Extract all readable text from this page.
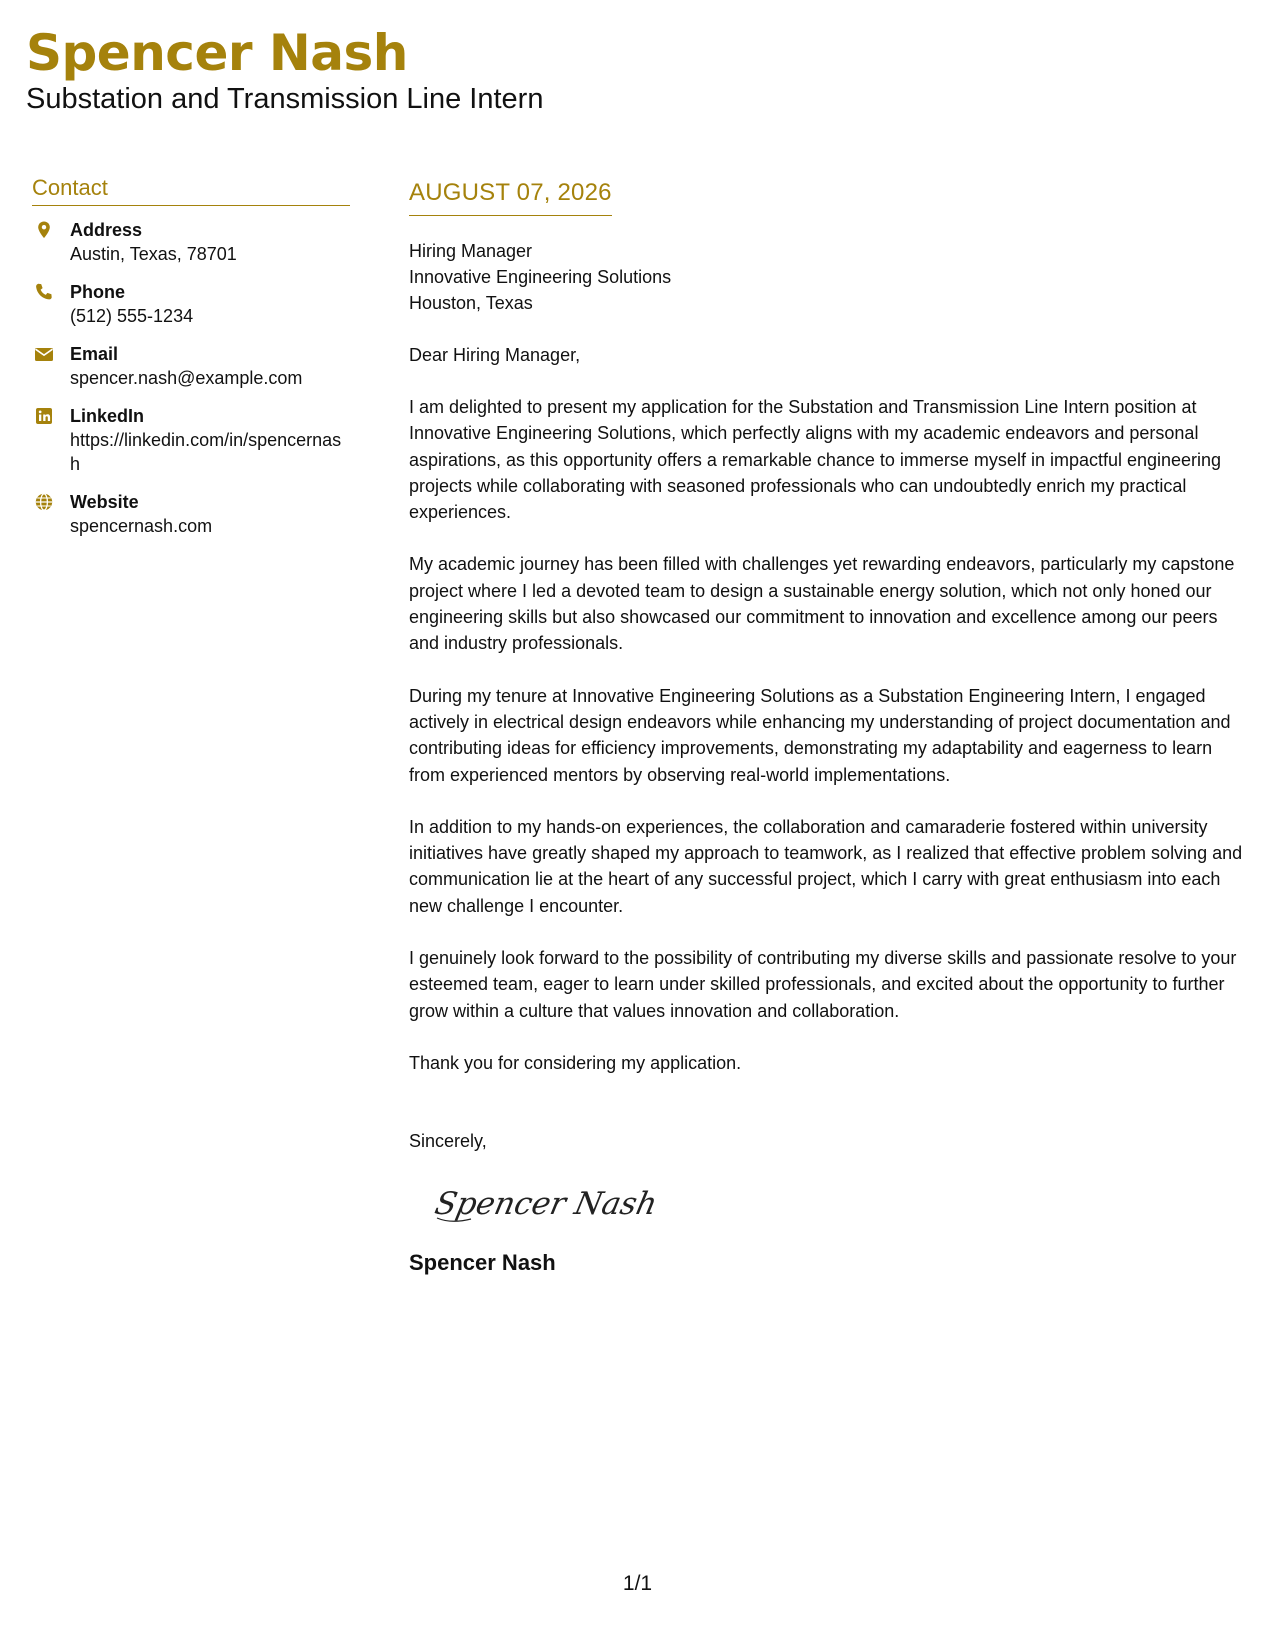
Spencer Nash
Substation and Transmission Line Intern
Contact
Address
Austin, Texas, 78701
Phone
(512) 555-1234
Email
spencer.nash@example.com
LinkedIn
https://linkedin.com/in/spencernash
Website
spencernash.com
AUGUST 07, 2026
Hiring Manager
Innovative Engineering Solutions
Houston, Texas
Dear Hiring Manager,
I am delighted to present my application for the Substation and Transmission Line Intern position at Innovative Engineering Solutions, which perfectly aligns with my academic endeavors and personal aspirations, as this opportunity offers a remarkable chance to immerse myself in impactful engineering projects while collaborating with seasoned professionals who can undoubtedly enrich my practical experiences.
My academic journey has been filled with challenges yet rewarding endeavors, particularly my capstone project where I led a devoted team to design a sustainable energy solution, which not only honed our engineering skills but also showcased our commitment to innovation and excellence among our peers and industry professionals.
During my tenure at Innovative Engineering Solutions as a Substation Engineering Intern, I engaged actively in electrical design endeavors while enhancing my understanding of project documentation and contributing ideas for efficiency improvements, demonstrating my adaptability and eagerness to learn from experienced mentors by observing real-world implementations.
In addition to my hands-on experiences, the collaboration and camaraderie fostered within university initiatives have greatly shaped my approach to teamwork, as I realized that effective problem solving and communication lie at the heart of any successful project, which I carry with great enthusiasm into each new challenge I encounter.
I genuinely look forward to the possibility of contributing my diverse skills and passionate resolve to your esteemed team, eager to learn under skilled professionals, and excited about the opportunity to further grow within a culture that values innovation and collaboration.
Thank you for considering my application.
Sincerely,
Spencer Nash
Spencer Nash
1/1
